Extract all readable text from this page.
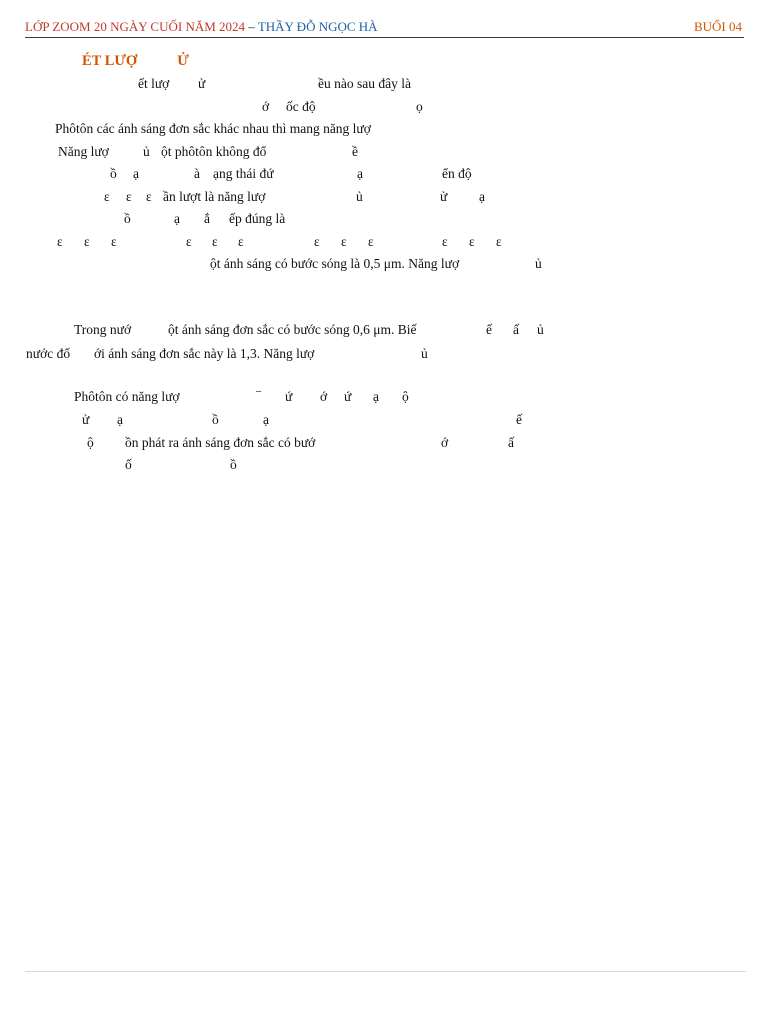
LỚP ZOOM 20 NGÀY CUỐI NĂM 2024 – THẦY ĐỖ NGỌC HÀ	BUỔI 04
ÉT LƯỢ	Ử
ết lượ ử	ều nào sau đây là
ớ ốc độ	ọ
Phôtôn các ánh sáng đơn sắc khác nhau thì mang năng lượ
Năng lượ	ủ ột phôtôn không đổ	ề
ồ ạ	à ạng thái đứ	ạ	ển độ
ε ε ε ần lượt là năng lượ	ủ	ử ạ
ồ	ạ ắ ếp đúng là
ε ε ε	ε ε ε	ε ε ε	ε ε ε
ột ánh sáng có bước sóng là 0,5 μm. Năng lượ	ủ
Trong nướ	ột ánh sáng đơn sắc có bước sóng 0,6 μm. Biế	ế ấ ủ
nước đố ới ánh sáng đơn sắc này là 1,3. Năng lượ	ủ
Phôtôn có năng lượ	⁻ ứ ớ ứ ạ ộ
ử ạ	ồ	ạ	ế
ộ ồn phát ra ánh sáng đơn sắc có bướ	ớ	ấ
ố	ồ
